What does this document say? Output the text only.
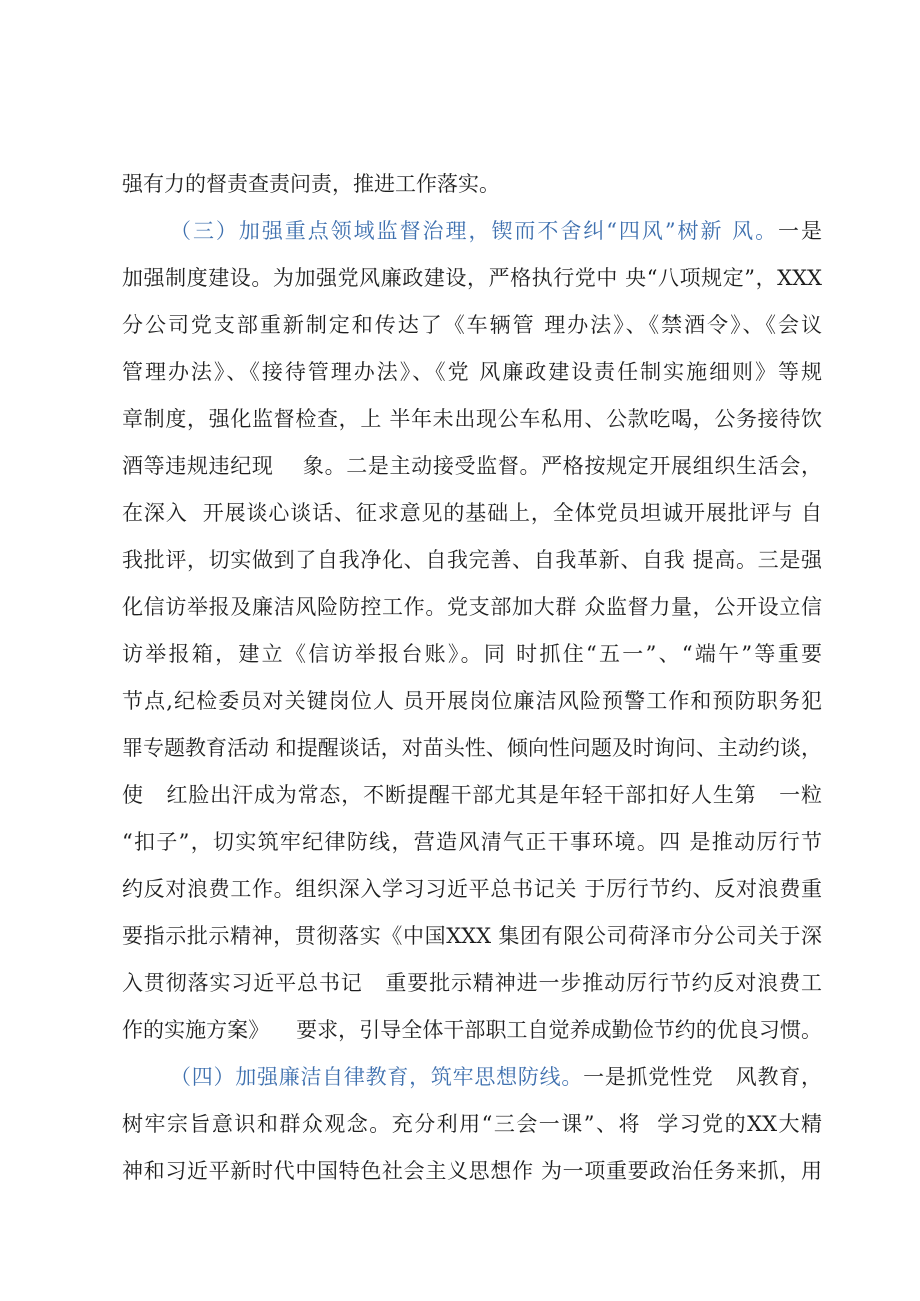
强有力的督责查责问责，推进工作落实。
（三）加强重点领域监督治理，锲而不舍纠“四风”树新 风。一是
加强制度建设。为加强党风廉政建设，严格执行党中 央“八项规定”，XXX
分公司党支部重新制定和传达了《车辆管 理办法》、《禁酒令》、《会议
管理办法》、《接待管理办法》、《党 风廉政建设责任制实施细则》等规
章制度，强化监督检查，上 半年未出现公车私用、公款吃喝，公务接待饮
酒等违规违纪现    象。二是主动接受监督。严格按规定开展组织生活会，
在深入  开展谈心谈话、征求意见的基础上，全体党员坦诚开展批评与 自
我批评，切实做到了自我净化、自我完善、自我革新、自我 提高。三是强
化信访举报及廉洁风险防控工作。党支部加大群 众监督力量，公开设立信
访举报箱，建立《信访举报台账》。同 时抓住“五一”、“端午”等重要
节点,纪检委员对关键岗位人 员开展岗位廉洁风险预警工作和预防职务犯
罪专题教育活动 和提醒谈话，对苗头性、倾向性问题及时询问、主动约谈，
使   红脸出汗成为常态，不断提醒干部尤其是年轻干部扣好人生第   一粒
“扣子”，切实筑牢纪律防线，营造风清气正干事环境。四 是推动厉行节
约反对浪费工作。组织深入学习习近平总书记关 于厉行节约、反对浪费重
要指示批示精神，贯彻落实《中国XXX 集团有限公司荷泽市分公司关于深
入贯彻落实习近平总书记   重要批示精神进一步推动厉行节约反对浪费工
作的实施方案》    要求，引导全体干部职工自觉养成勤俭节约的优良习惯。
（四）加强廉洁自律教育，筑牢思想防线。一是抓党性党   风教育，
树牢宗旨意识和群众观念。充分利用“三会一课”、将  学习党的XX大精
神和习近平新时代中国特色社会主义思想作 为一项重要政治任务来抓，用
